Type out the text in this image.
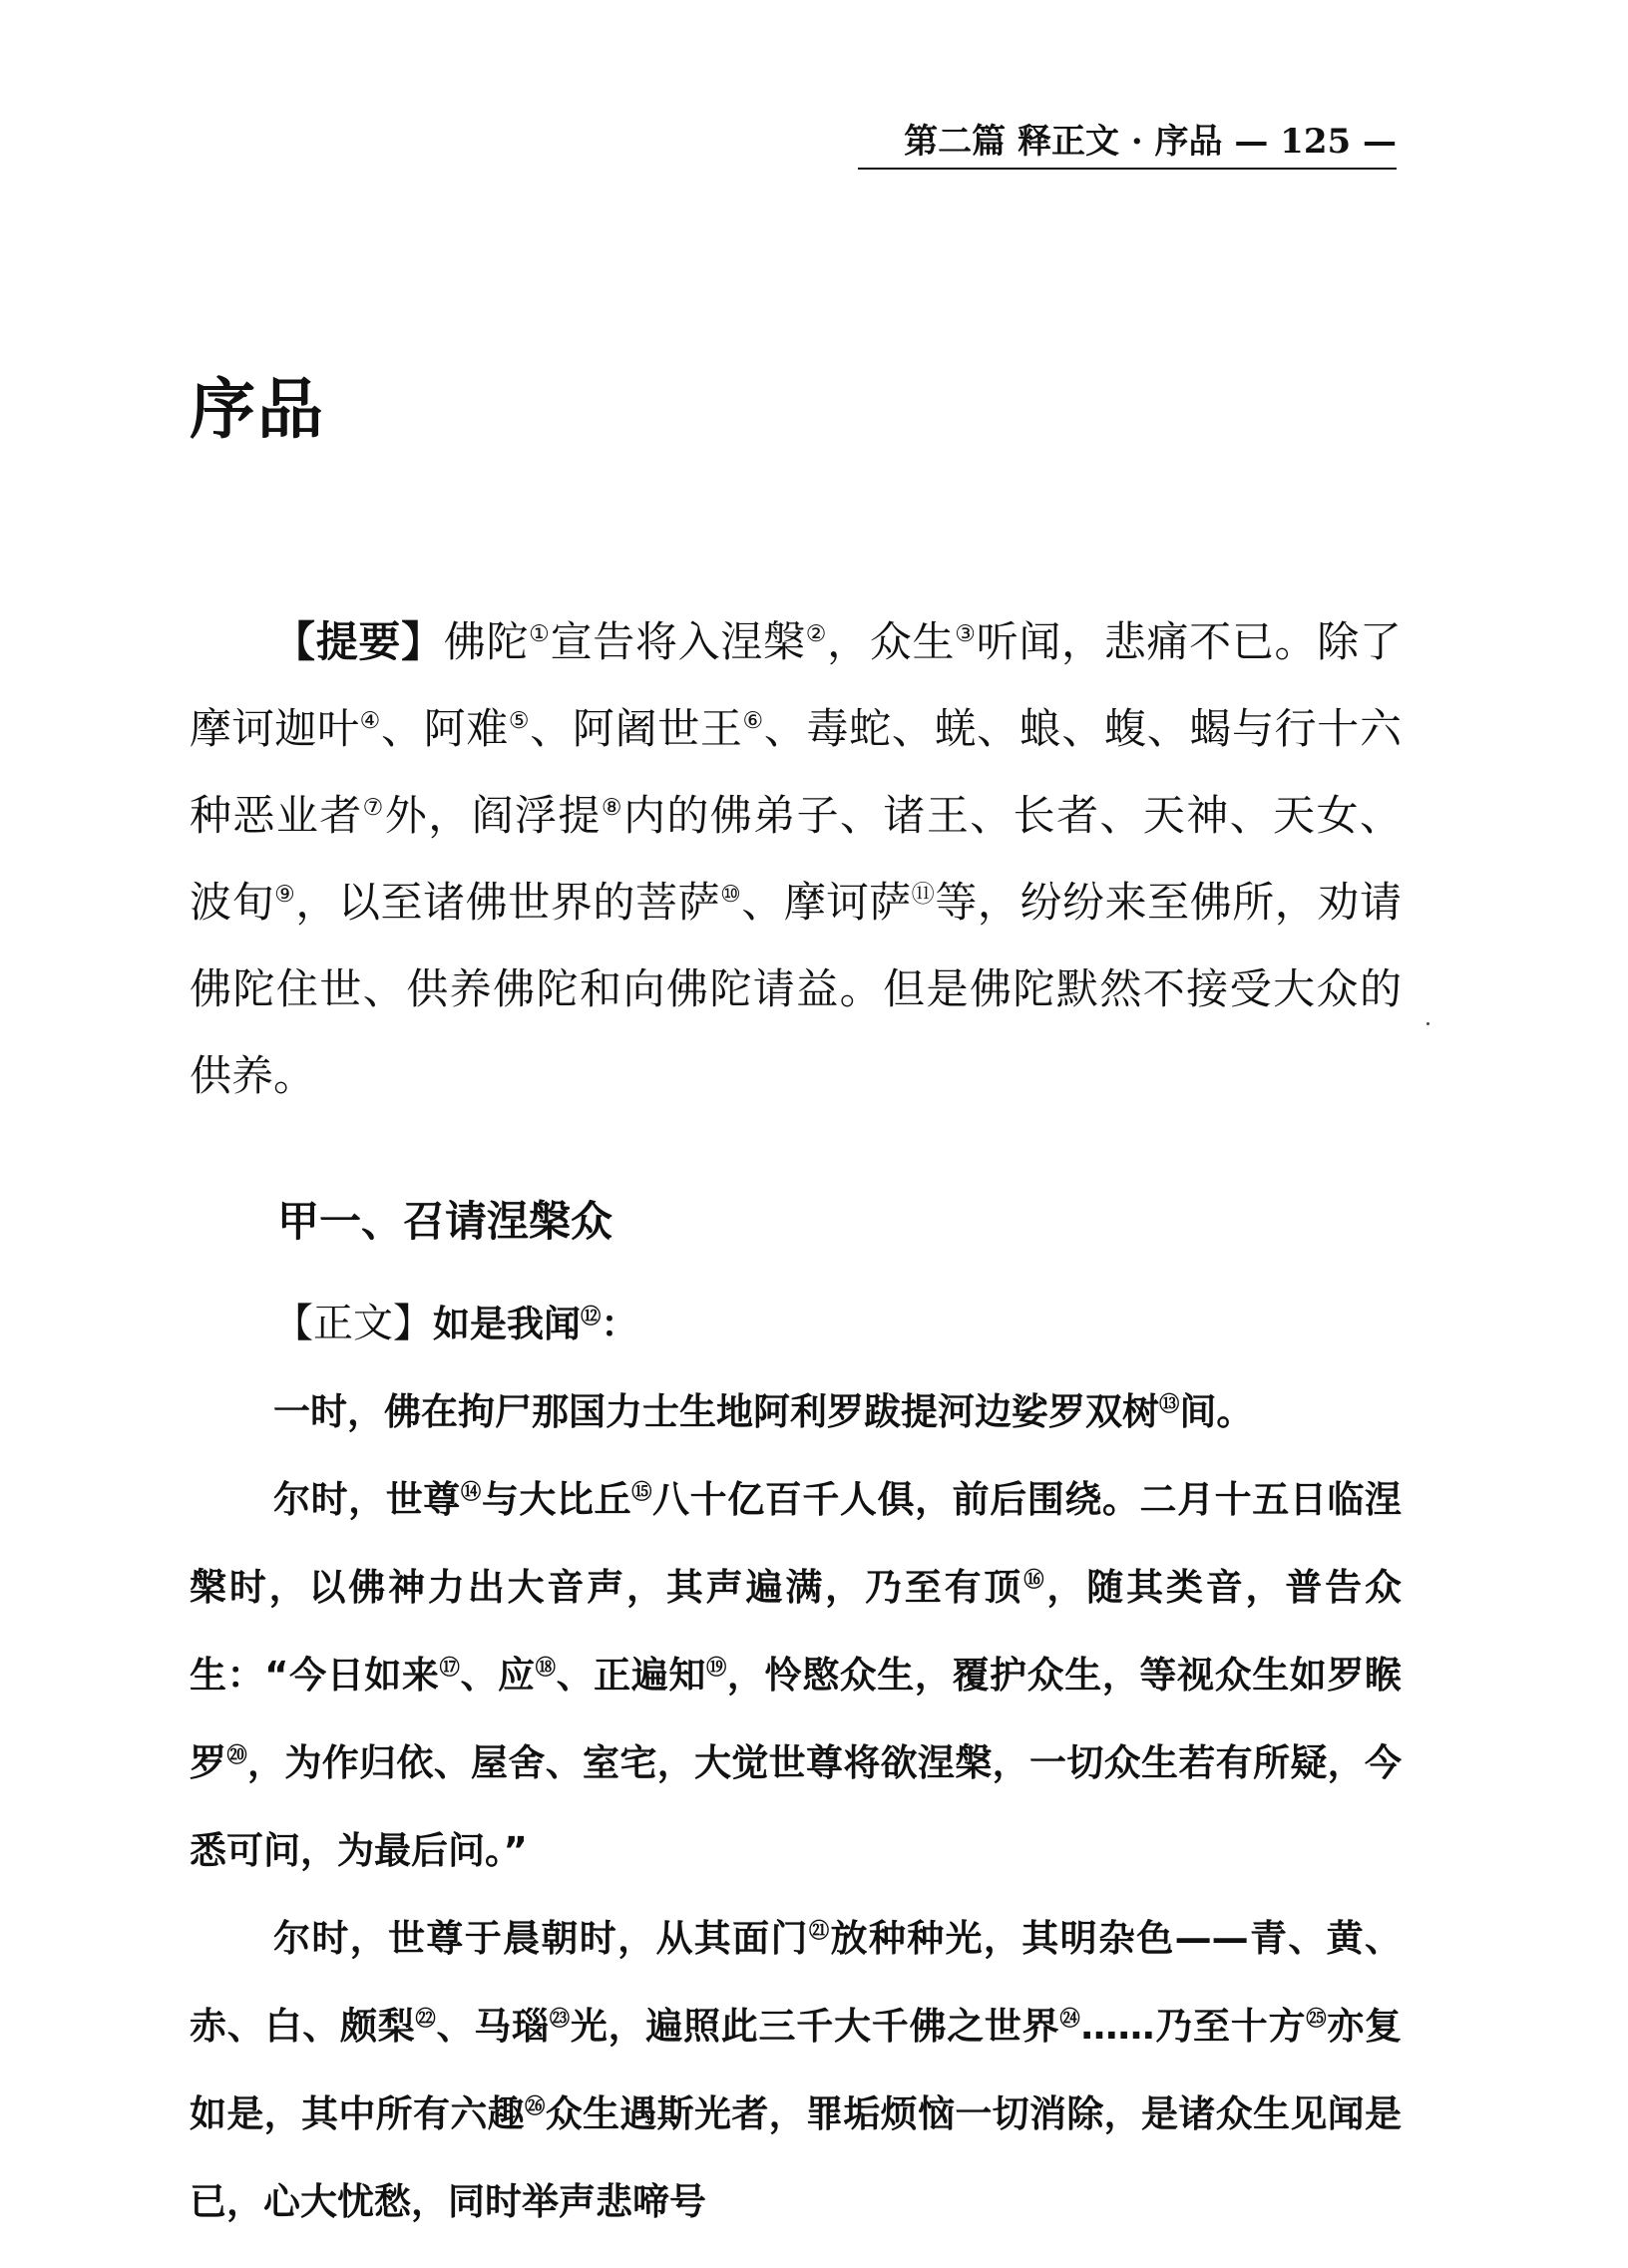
第二篇 释正文 · 序品 — 125 —
序品
【提要】佛陀①宣告将入涅槃②，众生③听闻，悲痛不已。除了摩诃迦叶④、阿难⑤、阿阇世王⑥、毒蛇、蜣、蜋、蝮、蝎与行十六种恶业者⑦外，阎浮提⑧内的佛弟子、诸王、长者、天神、天女、波旬⑨，以至诸佛世界的菩萨⑩、摩诃萨⑪等，纷纷来至佛所，劝请佛陀住世、供养佛陀和向佛陀请益。但是佛陀默然不接受大众的供养。
甲一、召请涅槃众

【正文】如是我闻⑫：

一时，佛在拘尸那国力士生地阿利罗跋提河边娑罗双树⑬间。

尔时，世尊⑭与大比丘⑮八十亿百千人俱，前后围绕。二月十五日临涅槃时，以佛神力出大音声，其声遍满，乃至有顶⑯，随其类音，普告众生：“今日如来⑰、应⑱、正遍知⑲，怜愍众生，覆护众生，等视众生如罗睺罗⑳，为作归依、屋舍、室宅，大觉世尊将欲涅槃，一切众生若有所疑，今悉可问，为最后问。”

尔时，世尊于晨朝时，从其面门$^㉑$放种种光，其明杂色——青、黄、赤、白、颇梨$^㉒$、马瑙$^㉓$光，遍照此三千大千佛之世界$^㉔$……乃至十方$^㉕$亦复如是，其中所有六趣$^㉖$众生遇斯光者，罪垢烦恼一切消除，是诸众生见闻是已，心大忧愁，同时举声悲啼号
